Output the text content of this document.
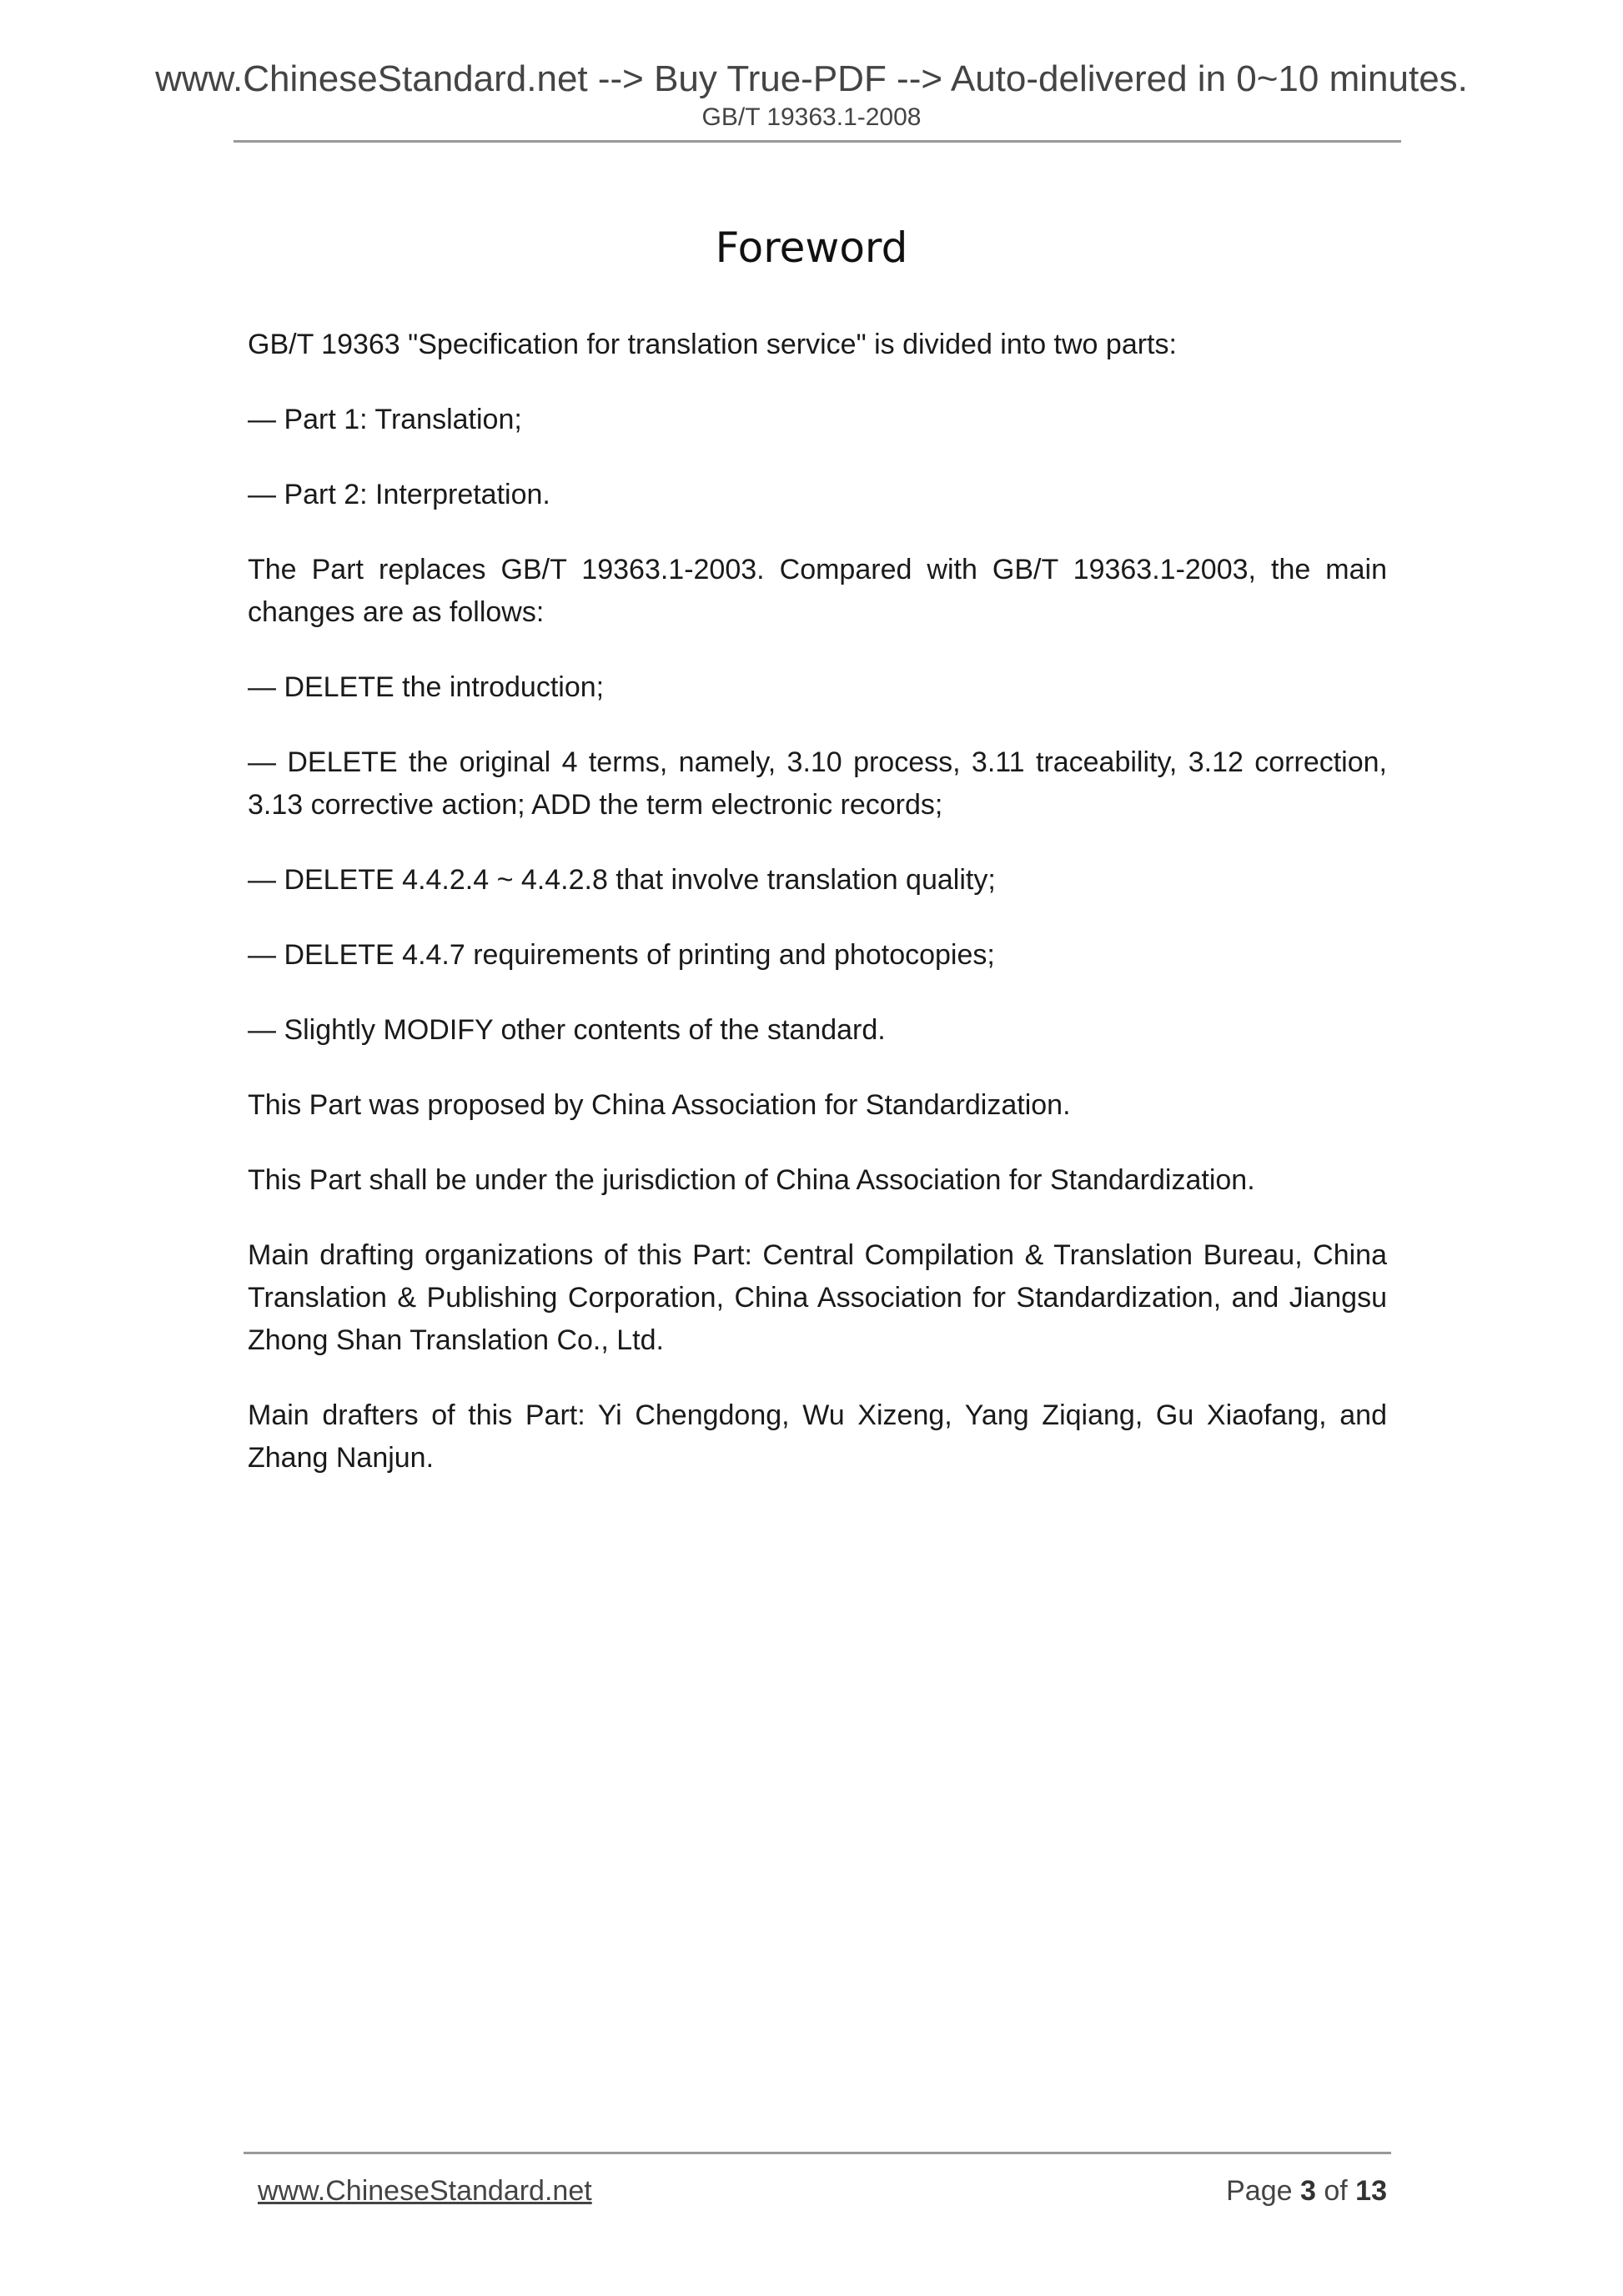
www.ChineseStandard.net --> Buy True-PDF --> Auto-delivered in 0~10 minutes.
GB/T 19363.1-2008
Foreword

GB/T 19363 "Specification for translation service" is divided into two parts:

— Part 1: Translation;

— Part 2: Interpretation.

The Part replaces GB/T 19363.1-2003. Compared with GB/T 19363.1-2003, the main changes are as follows:

— DELETE the introduction;

— DELETE the original 4 terms, namely, 3.10 process, 3.11 traceability, 3.12 correction, 3.13 corrective action; ADD the term electronic records;

— DELETE 4.4.2.4 ~ 4.4.2.8 that involve translation quality;

— DELETE 4.4.7 requirements of printing and photocopies;

— Slightly MODIFY other contents of the standard.

This Part was proposed by China Association for Standardization.

This Part shall be under the jurisdiction of China Association for Standardization.

Main drafting organizations of this Part: Central Compilation & Translation Bureau, China Translation & Publishing Corporation, China Association for Standardization, and Jiangsu Zhong Shan Translation Co., Ltd.

Main drafters of this Part: Yi Chengdong, Wu Xizeng, Yang Ziqiang, Gu Xiaofang, and Zhang Nanjun.

www.ChineseStandard.net	Page 3 of 13
